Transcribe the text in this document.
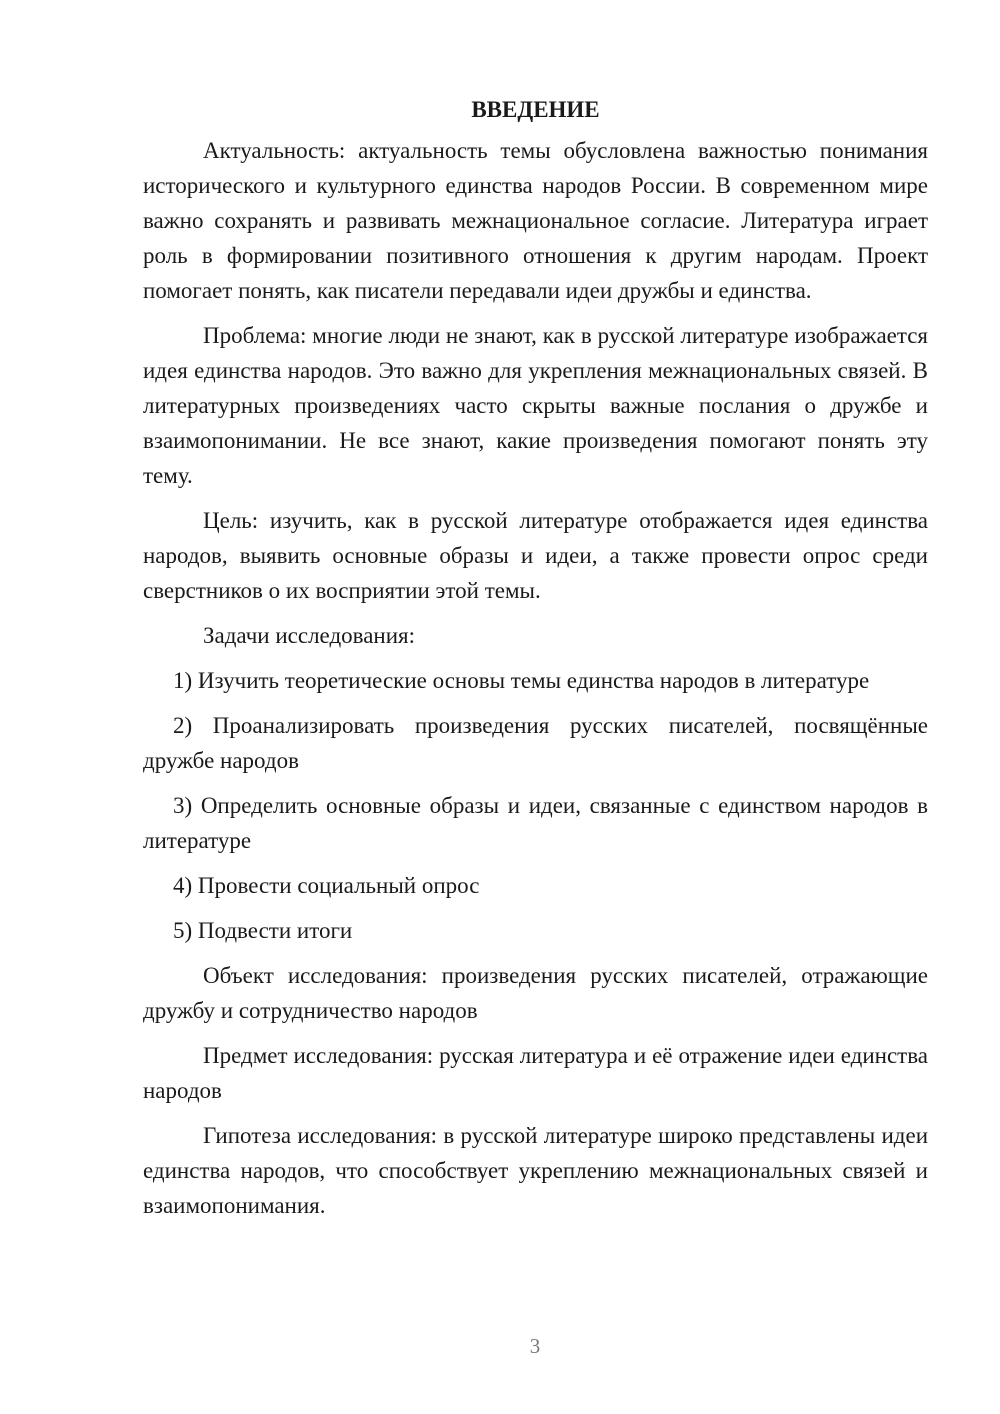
ВВЕДЕНИЕ

Актуальность: актуальность темы обусловлена важностью понимания исторического и культурного единства народов России. В современном мире важно сохранять и развивать межнациональное согласие. Литература играет роль в формировании позитивного отношения к другим народам. Проект помогает понять, как писатели передавали идеи дружбы и единства.

Проблема: многие люди не знают, как в русской литературе изображается идея единства народов. Это важно для укрепления межнациональных связей. В литературных произведениях часто скрыты важные послания о дружбе и взаимопонимании. Не все знают, какие произведения помогают понять эту тему.

Цель: изучить, как в русской литературе отображается идея единства народов, выявить основные образы и идеи, а также провести опрос среди сверстников о их восприятии этой темы.

Задачи исследования:

1) Изучить теоретические основы темы единства народов в литературе

2) Проанализировать произведения русских писателей, посвящённые дружбе народов

3) Определить основные образы и идеи, связанные с единством народов в литературе

4) Провести социальный опрос

5) Подвести итоги

Объект исследования: произведения русских писателей, отражающие дружбу и сотрудничество народов

Предмет исследования: русская литература и её отражение идеи единства народов

Гипотеза исследования: в русской литературе широко представлены идеи единства народов, что способствует укреплению межнациональных связей и взаимопонимания.

3
